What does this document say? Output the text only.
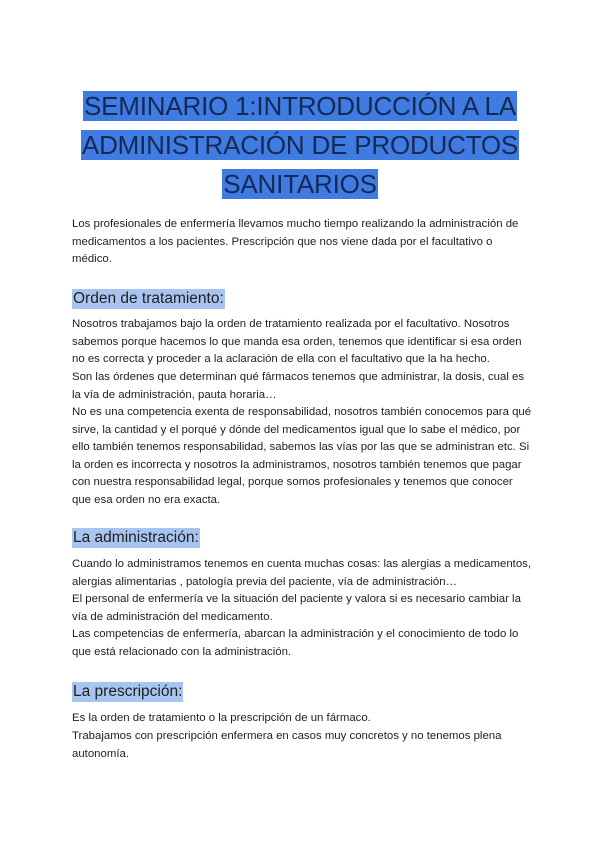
SEMINARIO 1:INTRODUCCIÓN A LA ADMINISTRACIÓN DE PRODUCTOS SANITARIOS

Los profesionales de enfermería llevamos mucho tiempo realizando la administración de medicamentos a los pacientes. Prescripción que nos viene dada por el facultativo o médico.

Orden de tratamiento:

Nosotros trabajamos bajo la orden de tratamiento realizada por el facultativo. Nosotros sabemos porque hacemos lo que manda esa orden, tenemos que identificar si esa orden no es correcta y proceder a la aclaración de ella con el facultativo que la ha hecho.

Son las órdenes que determinan qué fármacos tenemos que administrar, la dosis, cual es la vía de administración, pauta horaria…

No es una competencia exenta de responsabilidad, nosotros también conocemos para qué sirve, la cantidad y el porqué y dónde del medicamentos igual que lo sabe el médico, por ello también tenemos responsabilidad, sabemos las vías por las que se administran etc. Si la orden es incorrecta y nosotros la administramos, nosotros también tenemos que pagar con nuestra responsabilidad legal, porque somos profesionales y tenemos que conocer que esa orden no era exacta.

La administración:

Cuando lo administramos tenemos en cuenta muchas cosas: las alergias a medicamentos, alergias alimentarias , patología previa del paciente, vía de administración…

El personal de enfermería ve la situación del paciente y valora si es necesario cambiar la vía de administración del medicamento.

Las competencias de enfermería, abarcan la administración y el conocimiento de todo lo que está relacionado con la administración.

La prescripción:

Es la orden de tratamiento o la prescripción de un fármaco.

Trabajamos con prescripción enfermera en casos muy concretos y no tenemos plena autonomía.
